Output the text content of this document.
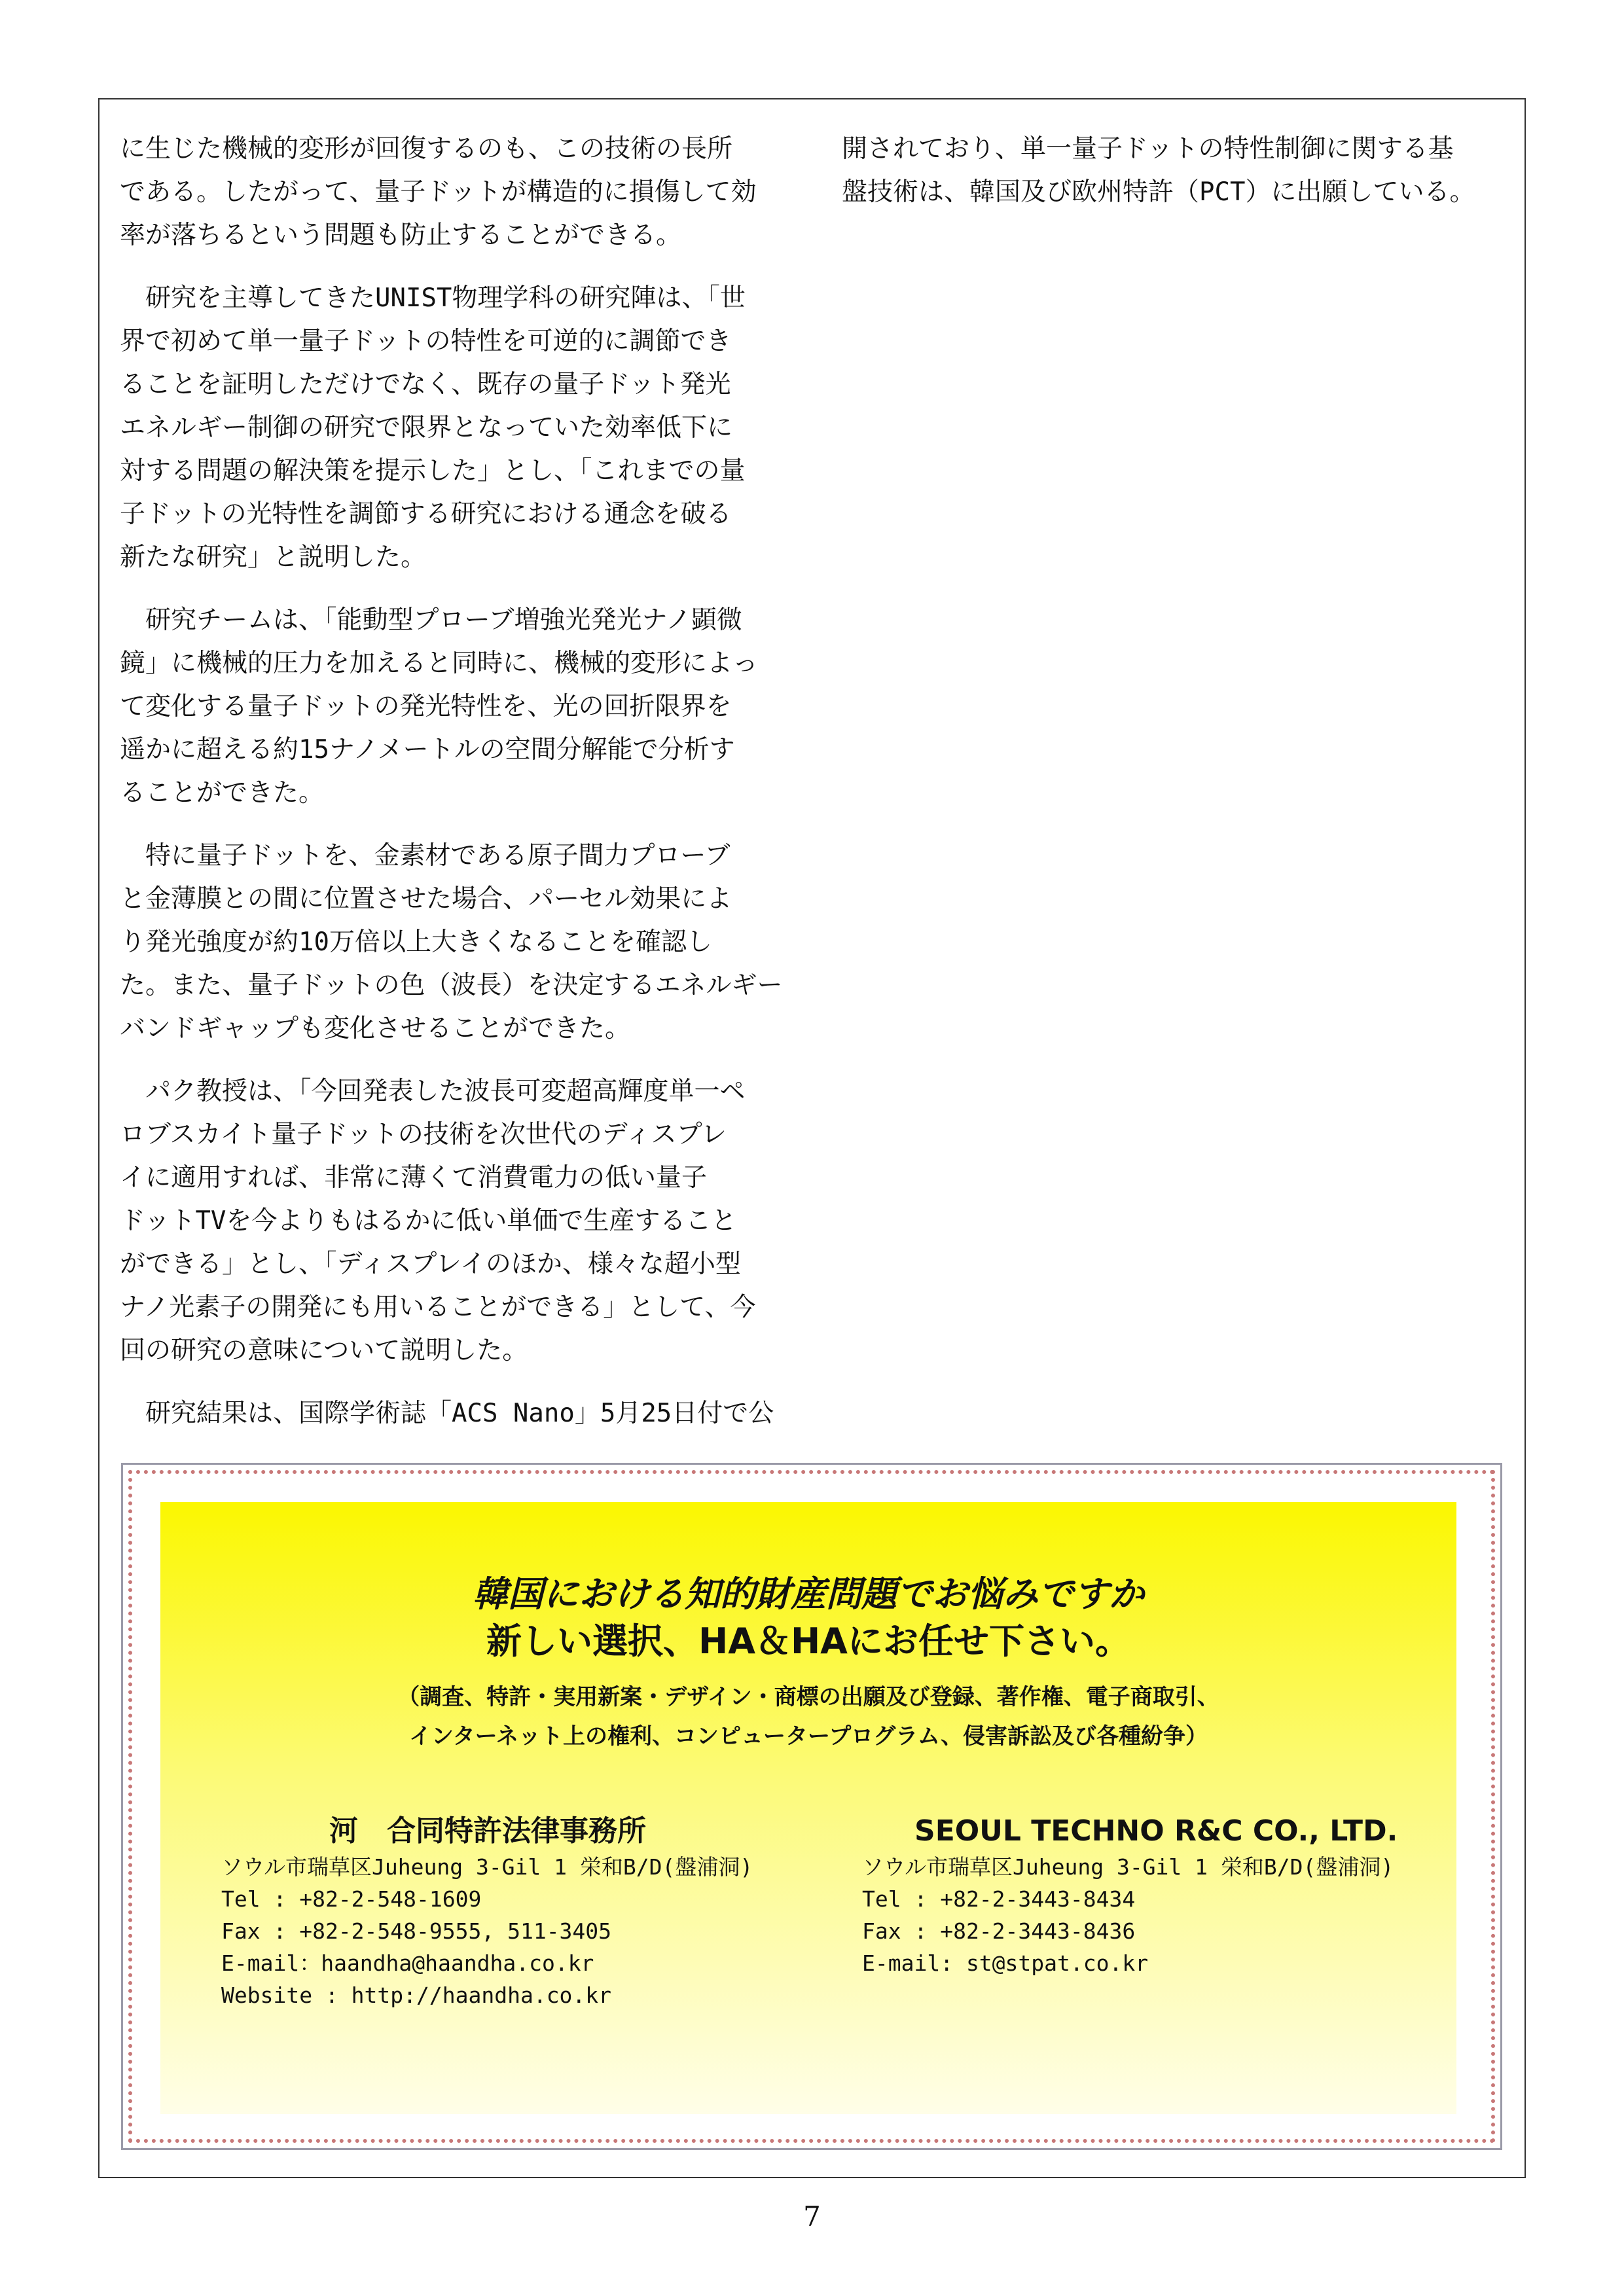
に生じた機械的変形が回復するのも、この技術の長所
である。したがって、量子ドットが構造的に損傷して効
率が落ちるという問題も防止することができる。

研究を主導してきたUNIST物理学科の研究陣は、「世
界で初めて単一量子ドットの特性を可逆的に調節でき
ることを証明しただけでなく、既存の量子ドット発光
エネルギー制御の研究で限界となっていた効率低下に
対する問題の解決策を提示した」とし、「これまでの量
子ドットの光特性を調節する研究における通念を破る
新たな研究」と説明した。

研究チームは、「能動型プローブ増強光発光ナノ顕微
鏡」に機械的圧力を加えると同時に、機械的変形によっ
て変化する量子ドットの発光特性を、光の回折限界を
遥かに超える約15ナノメートルの空間分解能で分析す
ることができた。

特に量子ドットを、金素材である原子間力プローブ
と金薄膜との間に位置させた場合、パーセル効果によ
り発光強度が約10万倍以上大きくなることを確認し
た。また、量子ドットの色（波長）を決定するエネルギー
バンドギャップも変化させることができた。

パク教授は、「今回発表した波長可変超高輝度単一ペ
ロブスカイト量子ドットの技術を次世代のディスプレ
イに適用すれば、非常に薄くて消費電力の低い量子
ドットTVを今よりもはるかに低い単価で生産すること
ができる」とし、「ディスプレイのほか、様々な超小型
ナノ光素子の開発にも用いることができる」として、今
回の研究の意味について説明した。

研究結果は、国際学術誌「ACS Nano」5月25日付で公

開されており、単一量子ドットの特性制御に関する基
盤技術は、韓国及び欧州特許（PCT）に出願している。

韓国における知的財産問題でお悩みですか
新しい選択、HA＆HAにお任せ下さい。
（調査、特許・実用新案・デザイン・商標の出願及び登録、著作権、電子商取引、
インターネット上の権利、コンピュータープログラム、侵害訴訟及び各種紛争）
河　合同特許法律事務所
ソウル市瑞草区Juheung 3-Gil 1 栄和B/D(盤浦洞)
Tel : +82-2-548-1609
Fax : +82-2-548-9555, 511-3405
E-mail：haandha@haandha.co.kr
Website : http://haandha.co.kr
SEOUL TECHNO R&C CO., LTD.
ソウル市瑞草区Juheung 3-Gil 1 栄和B/D(盤浦洞)
Tel : +82-2-3443-8434
Fax : +82-2-3443-8436
E-mail: st@stpat.co.kr
7
